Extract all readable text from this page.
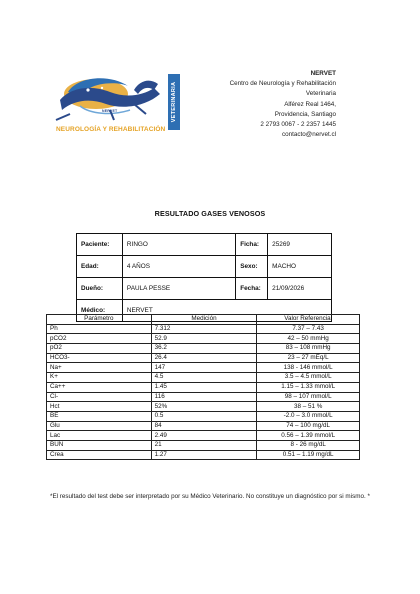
NERVET	VETERINARIA
NEUROLOGÍA Y REHABILITACIÓN
NERVET
Centro de Neurología y Rehabilitación
Veterinaria
Alférez Real 1464,
Providencia, Santiago
2 2793 0067 - 2 2357 1445
contacto@nervet.cl
RESULTADO GASES VENOSOS
Paciente:	RINGO	Ficha:	25269
Edad:	4 AÑOS	Sexo:	MACHO
Dueño:	PAULA PESSE	Fecha:	21/09/2026
Médico:	NERVET		
Parámetro	Medición	Valor Referencial
Ph	7.312	7.37 – 7.43
pCO2	52.9	42 – 50 mmHg
pO2	36.2	83 – 108 mmHg
HCO3-	26.4	23 – 27 mEq/L
Na+	147	138 - 146 mmol/L
K+	4.5	3.5 – 4.5 mmol/L
Ca++	1.45	1.15 – 1.33 mmol/L
Cl-	116	98 – 107 mmol/L
Hct	52%	38 – 51 %
BE	0.5	-2.0 – 3.0 mmol/L
Glu	84	74 – 100 mg/dL
Lac	2.49	0.56 – 1.39 mmol/L
BUN	21	8 - 26 mg/dL
Crea	1.27	0.51 – 1.19 mg/dL
*El resultado del test debe ser interpretado por su Médico Veterinario. No constituye un diagnóstico por si mismo. *
